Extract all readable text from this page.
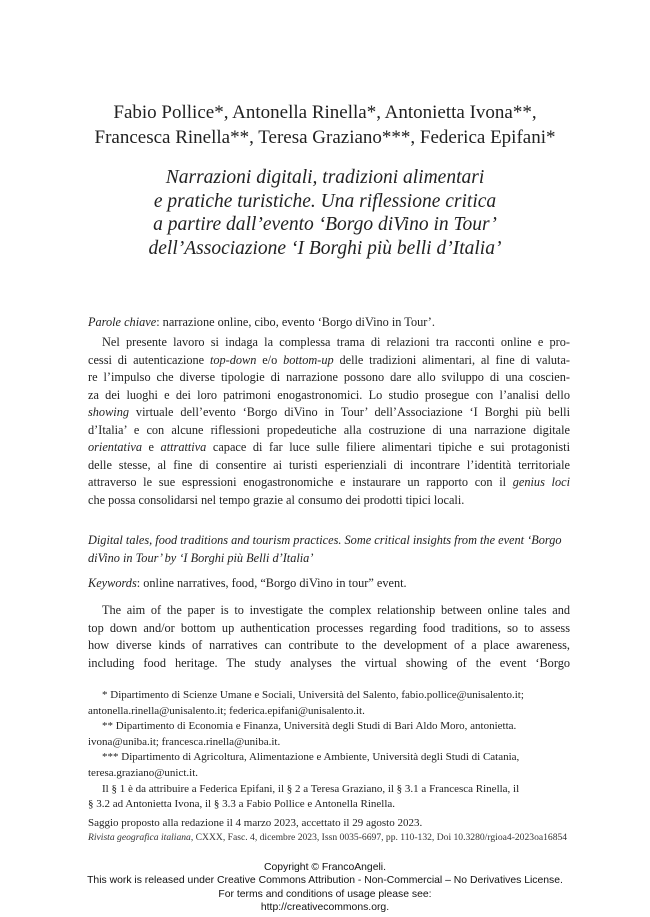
Fabio Pollice*, Antonella Rinella*, Antonietta Ivona**,
Francesca Rinella**, Teresa Graziano***, Federica Epifani*
Narrazioni digitali, tradizioni alimentari
e pratiche turistiche. Una riflessione critica
a partire dall’evento ‘Borgo diVino in Tour’
dell’Associazione ‘I Borghi più belli d’Italia’
Parole chiave: narrazione online, cibo, evento ‘Borgo diVino in Tour’.
Nel presente lavoro si indaga la complessa trama di relazioni tra racconti online e pro-
cessi di autenticazione top-down e/o bottom-up delle tradizioni alimentari, al fine di valuta-
re l’impulso che diverse tipologie di narrazione possono dare allo sviluppo di una coscien-
za dei luoghi e dei loro patrimoni enogastronomici. Lo studio prosegue con l’analisi dello
showing virtuale dell’evento ‘Borgo diVino in Tour’ dell’Associazione ‘I Borghi più belli
d’Italia’ e con alcune riflessioni propedeutiche alla costruzione di una narrazione digitale
orientativa e attrattiva capace di far luce sulle filiere alimentari tipiche e sui protagonisti
delle stesse, al fine di consentire ai turisti esperienziali di incontrare l’identità territoriale
attraverso le sue espressioni enogastronomiche e instaurare un rapporto con il genius loci
che possa consolidarsi nel tempo grazie al consumo dei prodotti tipici locali.
Digital tales, food traditions and tourism practices. Some critical insights from the event ‘Borgo
diVino in Tour’ by ‘I Borghi più Belli d’Italia’
Keywords: online narratives, food, “Borgo diVino in tour” event.
The aim of the paper is to investigate the complex relationship between online tales and
top down and/or bottom up authentication processes regarding food traditions, so to assess
how diverse kinds of narratives can contribute to the development of a place awareness,
including food heritage. The study analyses the virtual showing of the event ‘Borgo
* Dipartimento di Scienze Umane e Sociali, Università del Salento, fabio.pollice@unisalento.it;
antonella.rinella@unisalento.it; federica.epifani@unisalento.it.
** Dipartimento di Economia e Finanza, Università degli Studi di Bari Aldo Moro, antonietta.
ivona@uniba.it; francesca.rinella@uniba.it.
*** Dipartimento di Agricoltura, Alimentazione e Ambiente, Università degli Studi di Catania,
teresa.graziano@unict.it.
Il § 1 è da attribuire a Federica Epifani, il § 2 a Teresa Graziano, il § 3.1 a Francesca Rinella, il
§ 3.2 ad Antonietta Ivona, il § 3.3 a Fabio Pollice e Antonella Rinella.
Saggio proposto alla redazione il 4 marzo 2023, accettato il 29 agosto 2023.
Rivista geografica italiana, CXXX, Fasc. 4, dicembre 2023, Issn 0035-6697, pp. 110-132, Doi 10.3280/rgioa4-2023oa16854
Copyright © FrancoAngeli.
This work is released under Creative Commons Attribution - Non-Commercial – No Derivatives License.
For terms and conditions of usage please see:
http://creativecommons.org.
